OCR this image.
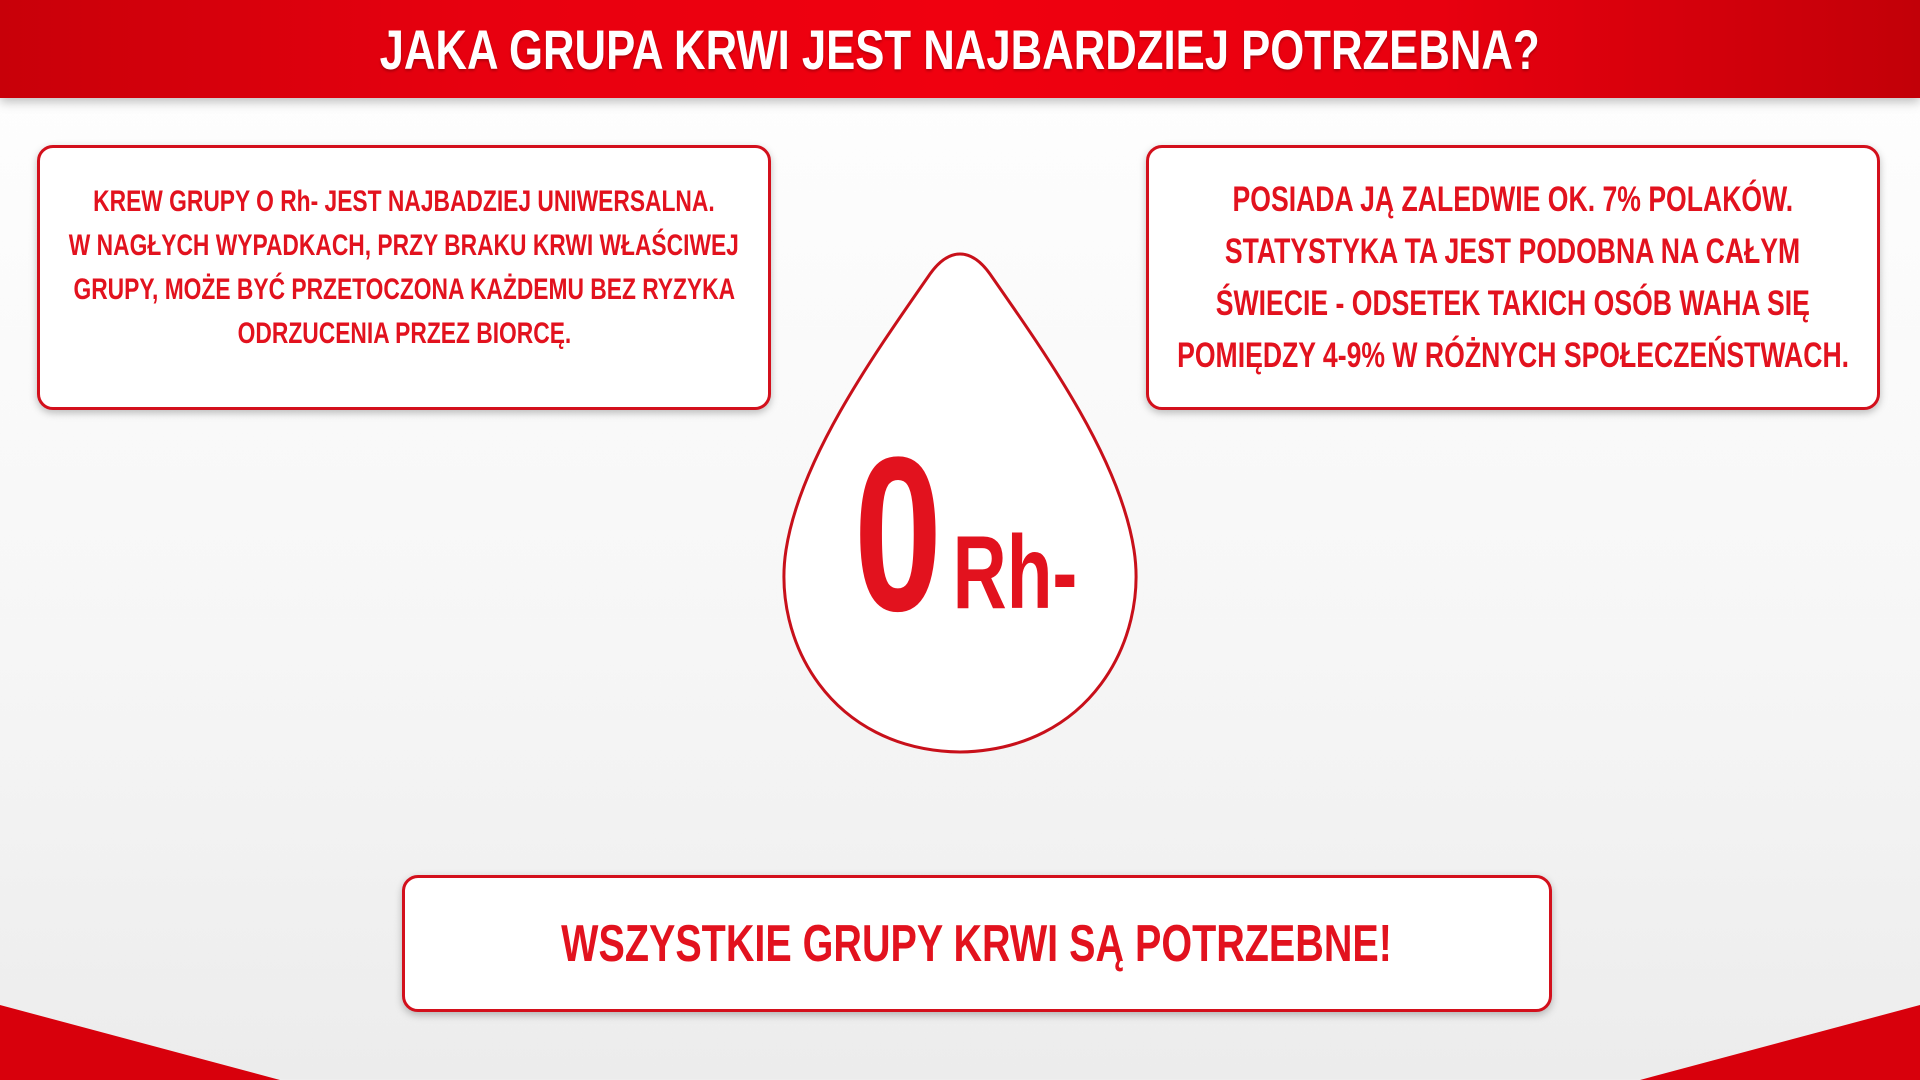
JAKA GRUPA KRWI JEST NAJBARDZIEJ POTRZEBNA?
KREW GRUPY O Rh- JEST NAJBADZIEJ UNIWERSALNA.
W NAGŁYCH WYPADKACH, PRZY BRAKU KRWI WŁAŚCIWEJ
GRUPY, MOŻE BYĆ PRZETOCZONA KAŻDEMU BEZ RYZYKA
ODRZUCENIA PRZEZ BIORCĘ.
POSIADA JĄ ZALEDWIE OK. 7% POLAKÓW.
STATYSTYKA TA JEST PODOBNA NA CAŁYM
ŚWIECIE - ODSETEK TAKICH OSÓB WAHA SIĘ
POMIĘDZY 4-9% W RÓŻNYCH SPOŁECZEŃSTWACH.
0 Rh-
WSZYSTKIE GRUPY KRWI SĄ POTRZEBNE!
